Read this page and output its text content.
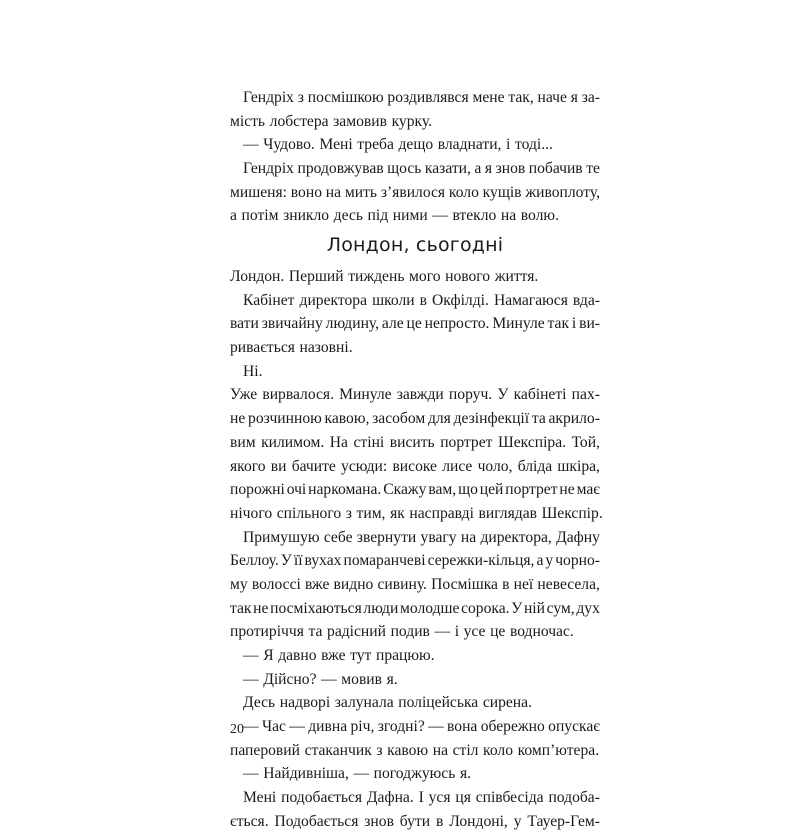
Гендріх з посмішкою роздивлявся мене так, наче я за-
мість лобстера замовив курку.
— Чудово. Мені треба дещо владнати, і тоді...
Гендріх продовжував щось казати, а я знов побачив те
мишеня: воно на мить з’явилося коло кущів живоплоту,
а потім зникло десь під ними — втекло на волю.
Лондон, сьогодні
Лондон. Перший тиждень мого нового життя.
Кабінет директора школи в Окфілді. Намагаюся вда-
вати звичайну людину, але це непросто. Минуле так і ви-
ривається назовні.
Ні.
Уже вирвалося. Минуле завжди поруч. У кабінеті пах-
не розчинною кавою, засобом для дезінфекції та акрило-
вим килимом. На стіні висить портрет Шекспіра. Той,
якого ви бачите усюди: високе лисе чоло, бліда шкіра,
порожні очі наркомана. Скажу вам, що цей портрет не має
нічого спільного з тим, як насправді виглядав Шекспір.
Примушую себе звернути увагу на директора, Дафну
Беллоу. У її вухах помаранчеві сережки-кільця, а у чорно-
му волоссі вже видно сивину. Посмішка в неї невесела,
так не посміхаються люди молодше сорока. У ній сум, дух
протиріччя та радісний подив — і усе це водночас.
— Я давно вже тут працюю.
— Дійсно? — мовив я.
Десь надворі залунала поліцейська сирена.
— Час — дивна річ, згодні? — вона обережно опускає
паперовий стаканчик з кавою на стіл коло комп’ютера.
— Найдивніша, — погоджуюсь я.
Мені подобається Дафна. І уся ця співбесіда подоба-
ється. Подобається знов бути в Лондоні, у Тауер-Гем-
20
